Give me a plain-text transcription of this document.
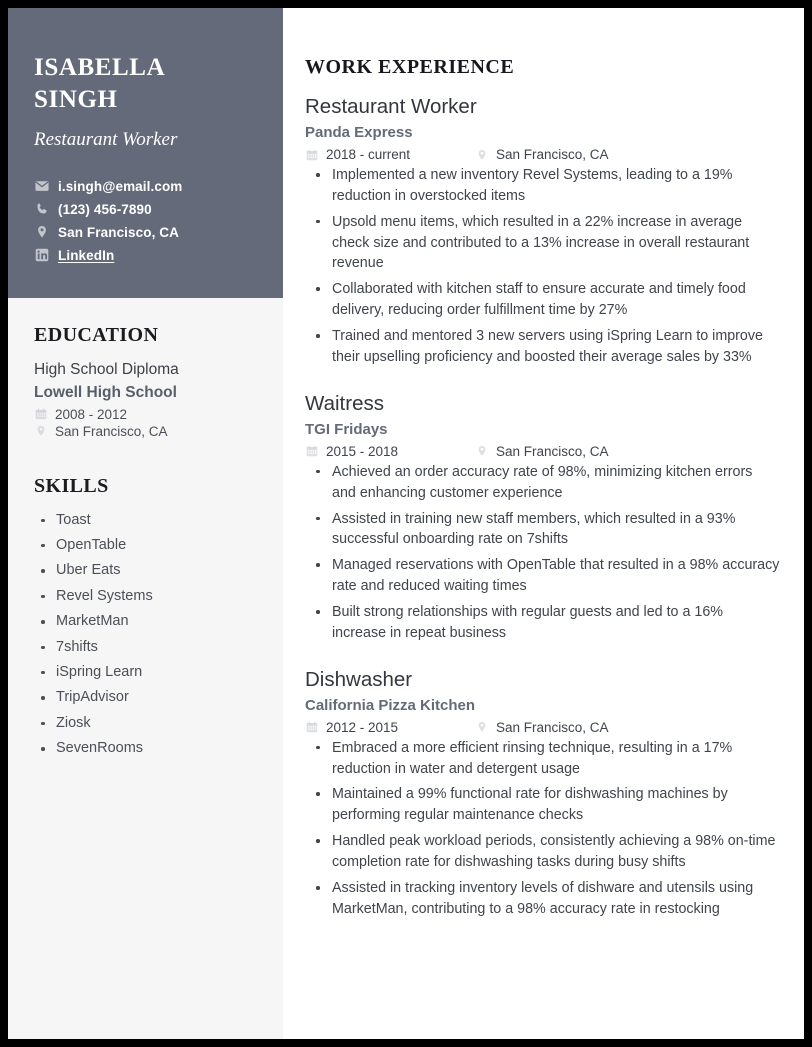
ISABELLA
SINGH
Restaurant Worker
i.singh@email.com
(123) 456-7890
San Francisco, CA
LinkedIn
EDUCATION
High School Diploma
Lowell High School
2008 - 2012
San Francisco, CA
SKILLS
Toast
OpenTable
Uber Eats
Revel Systems
MarketMan
7shifts
iSpring Learn
TripAdvisor
Ziosk
SevenRooms
WORK EXPERIENCE
Restaurant Worker
Panda Express
2018 - current	San Francisco, CA
Implemented a new inventory Revel Systems, leading to a 19% reduction in overstocked items
Upsold menu items, which resulted in a 22% increase in average check size and contributed to a 13% increase in overall restaurant revenue
Collaborated with kitchen staff to ensure accurate and timely food delivery, reducing order fulfillment time by 27%
Trained and mentored 3 new servers using iSpring Learn to improve their upselling proficiency and boosted their average sales by 33%
Waitress
TGI Fridays
2015 - 2018	San Francisco, CA
Achieved an order accuracy rate of 98%, minimizing kitchen errors and enhancing customer experience
Assisted in training new staff members, which resulted in a 93% successful onboarding rate on 7shifts
Managed reservations with OpenTable that resulted in a 98% accuracy rate and reduced waiting times
Built strong relationships with regular guests and led to a 16% increase in repeat business
Dishwasher
California Pizza Kitchen
2012 - 2015	San Francisco, CA
Embraced a more efficient rinsing technique, resulting in a 17% reduction in water and detergent usage
Maintained a 99% functional rate for dishwashing machines by performing regular maintenance checks
Handled peak workload periods, consistently achieving a 98% on-time completion rate for dishwashing tasks during busy shifts
Assisted in tracking inventory levels of dishware and utensils using MarketMan, contributing to a 98% accuracy rate in restocking
